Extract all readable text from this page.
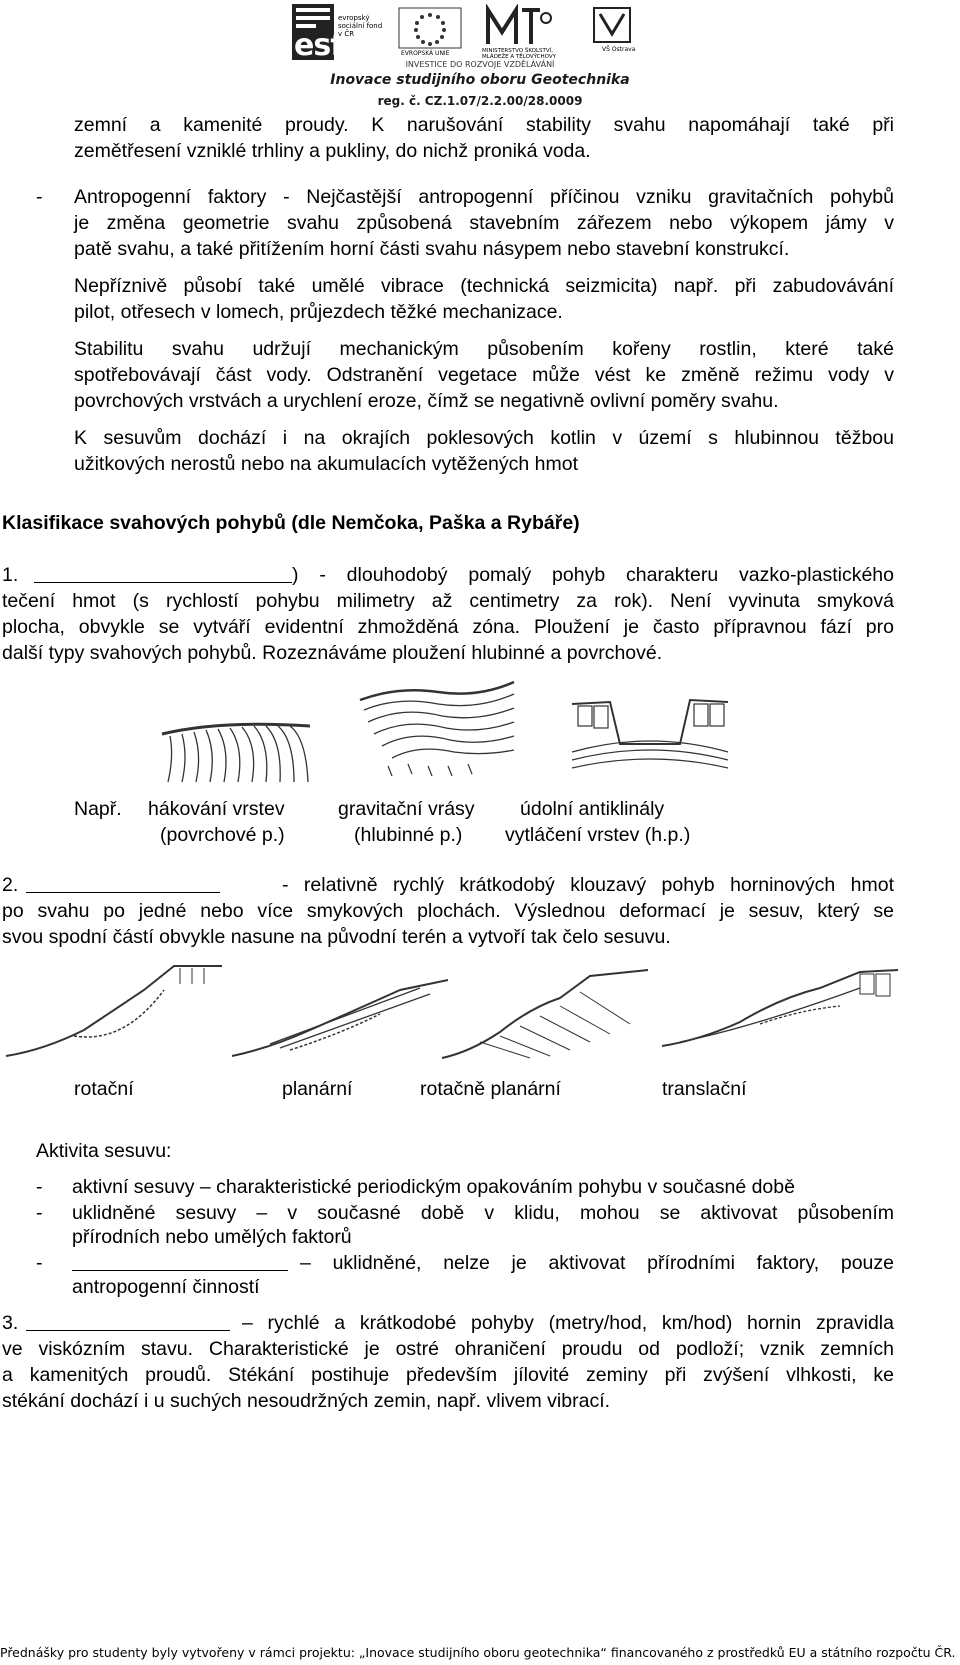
esf
evropský sociální fond v ČR
EVROPSKÁ UNIE	MINISTERSTVO ŠKOLSTVÍ, MLÁDEŽE A TĚLOVÝCHOVY
VŠ Ostrava
INVESTICE DO ROZVOJE VZDĚLÁVÁNÍ
Inovace studijního oboru Geotechnika
reg. č. CZ.1.07/2.2.00/28.0009
zemní a kamenité proudy. K narušování stability svahu napomáhají také při
zemětřesení vzniklé trhliny a pukliny, do nichž proniká voda.
- Antropogenní faktory - Nejčastější antropogenní příčinou vzniku gravitačních pohybů
je změna geometrie svahu způsobená stavebním zářezem nebo výkopem jámy v
patě svahu, a také přitížením horní části svahu násypem nebo stavební konstrukcí.
Nepříznivě působí také umělé vibrace (technická seizmicita) např. při zabudovávání
pilot, otřesech v lomech, průjezdech těžké mechanizace.
Stabilitu svahu udržují mechanickým působením kořeny rostlin, které také
spotřebovávají část vody. Odstranění vegetace může vést ke změně režimu vody v
povrchových vrstvách a urychlení eroze, čímž se negativně ovlivní poměry svahu.
K sesuvům dochází i na okrajích poklesových kotlin v území s hlubinnou těžbou
užitkových nerostů nebo na akumulacích vytěžených hmot
Klasifikace svahových pohybů (dle Nemčoka, Paška a Rybáře)
1.	) - dlouhodobý pomalý pohyb charakteru vazko-plastického
tečení hmot (s rychlostí pohybu milimetry až centimetry za rok). Není vyvinuta smyková
plocha, obvykle se vytváří evidentní zhmožděná zóna. Ploužení je často přípravnou fází pro
další typy svahových pohybů. Rozeznáváme ploužení hlubinné a povrchové.
Např. hákování vrstev
(povrchové p.)
gravitační vrásy
(hlubinné p.)
údolní antiklinály
vytláčení vrstev (h.p.)
2.	- relativně rychlý krátkodobý klouzavý pohyb horninových hmot
po svahu po jedné nebo více smykových plochách. Výslednou deformací je sesuv, který se
svou spodní částí obvykle nasune na původní terén a vytvoří tak čelo sesuvu.
rotační	planární	rotačně planární	translační
Aktivita sesuvu:
- aktivní sesuvy – charakteristické periodickým opakováním pohybu v současné době
- uklidněné sesuvy – v současné době v klidu, mohou se aktivovat působením
přírodních nebo umělých faktorů
-	– uklidněné, nelze je aktivovat přírodními faktory, pouze
antropogenní činností
3.	– rychlé a krátkodobé pohyby (metry/hod, km/hod) hornin zpravidla
ve viskózním stavu. Charakteristické je ostré ohraničení proudu od podloží; vznik zemních
a kamenitých proudů. Stékání postihuje především jílovité zeminy při zvýšení vlhkosti, ke
stékání dochází i u suchých nesoudržných zemin, např. vlivem vibrací.
Přednášky pro studenty byly vytvořeny v rámci projektu: „Inovace studijního oboru geotechnika“ financovaného z prostředků EU a státního rozpočtu ČR.
